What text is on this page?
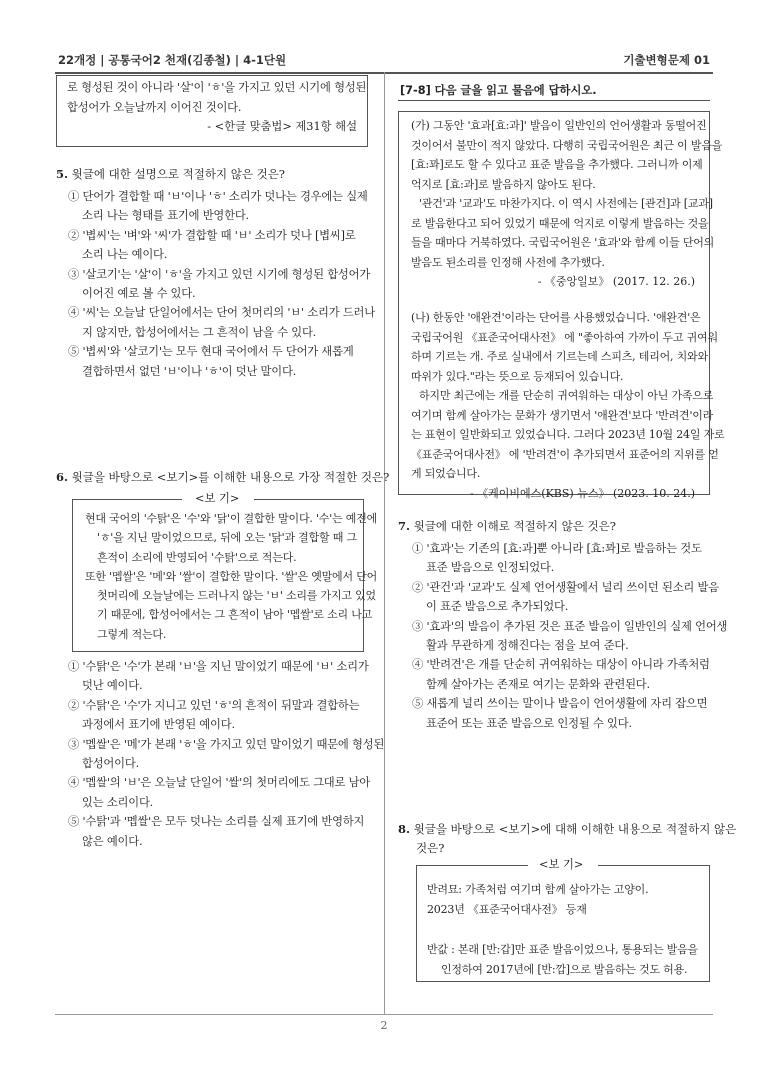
22개정 | 공통국어2 천재(김종철) | 4-1단원	기출변형문제 01
로 형성된 것이 아니라 '살'이 'ㅎ'을 가지고 있던 시기에 형성된
합성어가 오늘날까지 이어진 것이다.
- <한글 맞춤법> 제31항 해설
5. 윗글에 대한 설명으로 적절하지 않은 것은?
① 단어가 결합할 때 'ㅂ'이나 'ㅎ' 소리가 덧나는 경우에는 실제
소리 나는 형태를 표기에 반영한다.
② '볍씨'는 '벼'와 '씨'가 결합할 때 'ㅂ' 소리가 덧나 [볍씨]로
소리 나는 예이다.
③ '살코기'는 '살'이 'ㅎ'을 가지고 있던 시기에 형성된 합성어가
이어진 예로 볼 수 있다.
④ '씨'는 오늘날 단일어에서는 단어 첫머리의 'ㅂ' 소리가 드러나
지 않지만, 합성어에서는 그 흔적이 남을 수 있다.
⑤ '볍씨'와 '살코기'는 모두 현대 국어에서 두 단어가 새롭게
결합하면서 없던 'ㅂ'이나 'ㅎ'이 덧난 말이다.
6. 윗글을 바탕으로 <보기>를 이해한 내용으로 가장 적절한 것은?
<보 기>
현대 국어의 '수탉'은 '수'와 '닭'이 결합한 말이다. '수'는 예전에
'ㅎ'을 지닌 말이었으므로, 뒤에 오는 '닭'과 결합할 때 그
흔적이 소리에 반영되어 '수탉'으로 적는다.
또한 '멥쌀'은 '메'와 '쌀'이 결합한 말이다. '쌀'은 옛말에서 단어
첫머리에 오늘날에는 드러나지 않는 'ㅂ' 소리를 가지고 있었
기 때문에, 합성어에서는 그 흔적이 남아 '멥쌀'로 소리 나고
그렇게 적는다.
① '수탉'은 '수'가 본래 'ㅂ'을 지닌 말이었기 때문에 'ㅂ' 소리가
덧난 예이다.
② '수탉'은 '수'가 지니고 있던 'ㅎ'의 흔적이 뒤말과 결합하는
과정에서 표기에 반영된 예이다.
③ '멥쌀'은 '메'가 본래 'ㅎ'을 가지고 있던 말이었기 때문에 형성된
합성어이다.
④ '멥쌀'의 'ㅂ'은 오늘날 단일어 '쌀'의 첫머리에도 그대로 남아
있는 소리이다.
⑤ '수탉'과 '멥쌀'은 모두 덧나는 소리를 실제 표기에 반영하지
않은 예이다.
[7-8] 다음 글을 읽고 물음에 답하시오.
(가) 그동안 '효과[효:과]' 발음이 일반인의 언어생활과 동떨어진
것이어서 불만이 적지 않았다. 다행히 국립국어원은 최근 이 발음을
[효:꽈]로도 할 수 있다고 표준 발음을 추가했다. 그러니까 이제
억지로 [효:과]로 발음하지 않아도 된다.
'관건'과 '교과'도 마찬가지다. 이 역시 사전에는 [관건]과 [교과]
로 발음한다고 되어 있었기 때문에 억지로 이렇게 발음하는 것을
들을 때마다 거북하였다. 국립국어원은 '효과'와 함께 이들 단어의
발음도 된소리를 인정해 사전에 추가했다.
- 《중앙일보》 (2017. 12. 26.)
(나) 한동안 '애완견'이라는 단어를 사용했었습니다. '애완견'은
국립국어원 《표준국어대사전》 에 "좋아하여 가까이 두고 귀여워
하며 기르는 개. 주로 실내에서 기르는데 스피츠, 테리어, 치와와
따위가 있다."라는 뜻으로 등재되어 있습니다.
하지만 최근에는 개를 단순히 귀여워하는 대상이 아닌 가족으로
여기며 함께 살아가는 문화가 생기면서 '애완견'보다 '반려견'이라
는 표현이 일반화되고 있었습니다. 그러다 2023년 10월 24일 자로
《표준국어대사전》 에 '반려견'이 추가되면서 표준어의 지위를 얻
게 되었습니다.
- 《케이비에스(KBS) 뉴스》 (2023. 10. 24.)
7. 윗글에 대한 이해로 적절하지 않은 것은?
① '효과'는 기존의 [효:과]뿐 아니라 [효:꽈]로 발음하는 것도
표준 발음으로 인정되었다.
② '관건'과 '교과'도 실제 언어생활에서 널리 쓰이던 된소리 발음
이 표준 발음으로 추가되었다.
③ '효과'의 발음이 추가된 것은 표준 발음이 일반인의 실제 언어생
활과 무관하게 정해진다는 점을 보여 준다.
④ '반려견'은 개를 단순히 귀여워하는 대상이 아니라 가족처럼
함께 살아가는 존재로 여기는 문화와 관련된다.
⑤ 새롭게 널리 쓰이는 말이나 발음이 언어생활에 자리 잡으면
표준어 또는 표준 발음으로 인정될 수 있다.
8. 윗글을 바탕으로 <보기>에 대해 이해한 내용으로 적절하지 않은
것은?
<보 기>
반려묘: 가족처럼 여기며 함께 살아가는 고양이.
2023년 《표준국어대사전》 등재
반값 : 본래 [반:갑]만 표준 발음이었으나, 통용되는 발음을
인정하여 2017년에 [반:깝]으로 발음하는 것도 허용.
2
